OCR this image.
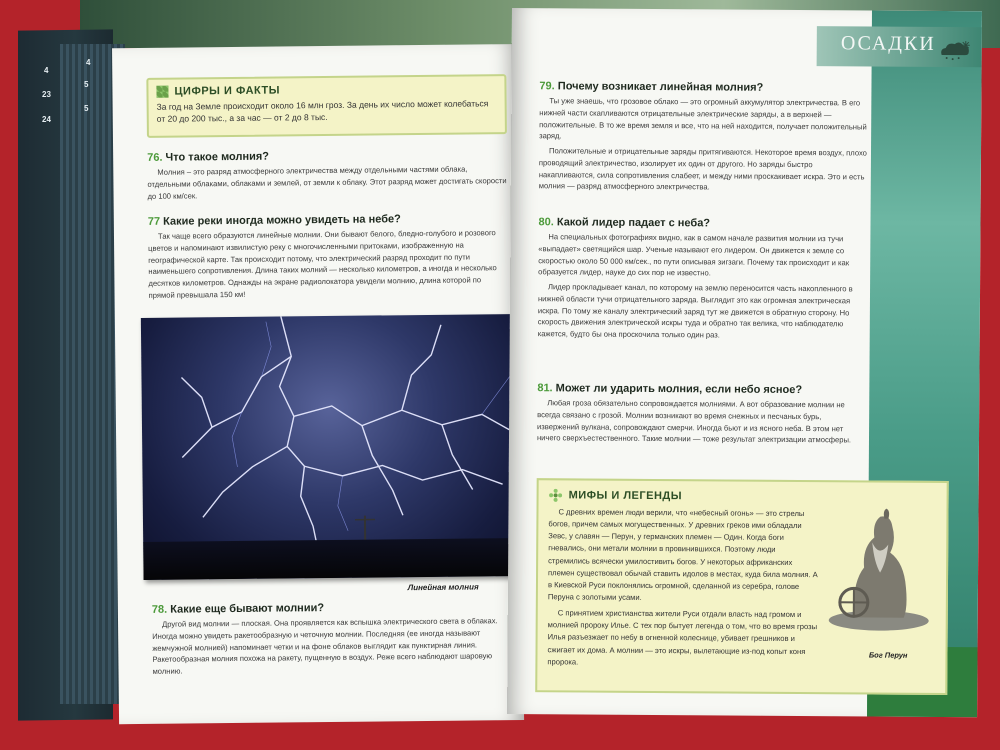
4
23
24
4
5
5
ЦИФРЫ И ФАКТЫ
За год на Земле происходит около 16 млн гроз. За день их число может колебаться от 20 до 200 тыс., а за час — от 2 до 8 тыс.
76. Что такое молния?
Молния – это разряд атмосферного электричества между отдельными частями облака, отдельными облаками, облаками и землей, от земли к облаку. Этот разряд может достигать скорости до 100 км/сек.
77 Какие реки иногда можно увидеть на небе?
Так чаще всего образуются линейные молнии. Они бывают белого, бледно-голубого и розового цветов и напоминают извилистую реку с многочисленными притоками, изображенную на географической карте. Так происходит потому, что электрический разряд проходит по пути наименьшего сопротивления. Длина таких молний — несколько километров, а иногда и несколько десятков километров. Однажды на экране радиолокатора увидели молнию, длина которой по прямой превышала 150 км!
Линейная молния
78. Какие еще бывают молнии?
Другой вид молнии — плоская. Она проявляется как вспышка электрического света в облаках. Иногда можно увидеть ракетообразную и четочную молнии. Последняя (ее иногда называют жемчужной молнией) напоминает четки и на фоне облаков выглядит как пунктирная линия. Ракетообразная молния похожа на ракету, пущенную в воздух. Реже всего наблюдают шаровую молнию.
ОСАДКИ
79. Почему возникает линейная молния?
Ты уже знаешь, что грозовое облако — это огромный аккумулятор электричества. В его нижней части скапливаются отрицательные электрические заряды, а в верхней — положительные. В то же время земля и все, что на ней находится, получает положительный заряд.
Положительные и отрицательные заряды притягиваются. Некоторое время воздух, плохо проводящий электричество, изолирует их один от другого. Но заряды быстро накапливаются, сила сопротивления слабеет, и между ними проскакивает искра. Это и есть молния — разряд атмосферного электричества.
80. Какой лидер падает с неба?
На специальных фотографиях видно, как в самом начале развития молнии из тучи «выпадает» светящийся шар. Ученые называют его лидером. Он движется к земле со скоростью около 50 000 км/сек., по пути описывая зигзаги. Почему так происходит и как образуется лидер, науке до сих пор не известно.
Лидер прокладывает канал, по которому на землю переносится часть накопленного в нижней области тучи отрицательного заряда. Выглядит это как огромная электрическая искра. По тому же каналу электрический заряд тут же движется в обратную сторону. Но скорость движения электрической искры туда и обратно так велика, что наблюдателю кажется, будто бы она проскочила только один раз.
81. Может ли ударить молния, если небо ясное?
Любая гроза обязательно сопровождается молниями. А вот образование молнии не всегда связано с грозой. Молнии возникают во время снежных и песчаных бурь, извержений вулкана, сопровождают смерчи. Иногда бьют и из ясного неба. В этом нет ничего сверхъестественного. Такие молнии — тоже результат электризации атмосферы.
МИФЫ И ЛЕГЕНДЫ
С древних времен люди верили, что «небесный огонь» — это стрелы богов, причем самых могущественных. У древних греков ими обладали Зевс, у славян — Перун, у германских племен — Один. Когда боги гневались, они метали молнии в провинившихся. Поэтому люди стремились всячески умилостивить богов. У некоторых африканских племен существовал обычай ставить идолов в местах, куда била молния. А в Киевской Руси поклонялись огромной, сделанной из серебра, голове Перуна с золотыми усами.
С принятием христианства жители Руси отдали власть над громом и молнией пророку Илье. С тех пор бытует легенда о том, что во время грозы Илья разъезжает по небу в огненной колеснице, убивает грешников и сжигает их дома. А молнии — это искры, вылетающие из-под копыт коня пророка.
Бог Перун
